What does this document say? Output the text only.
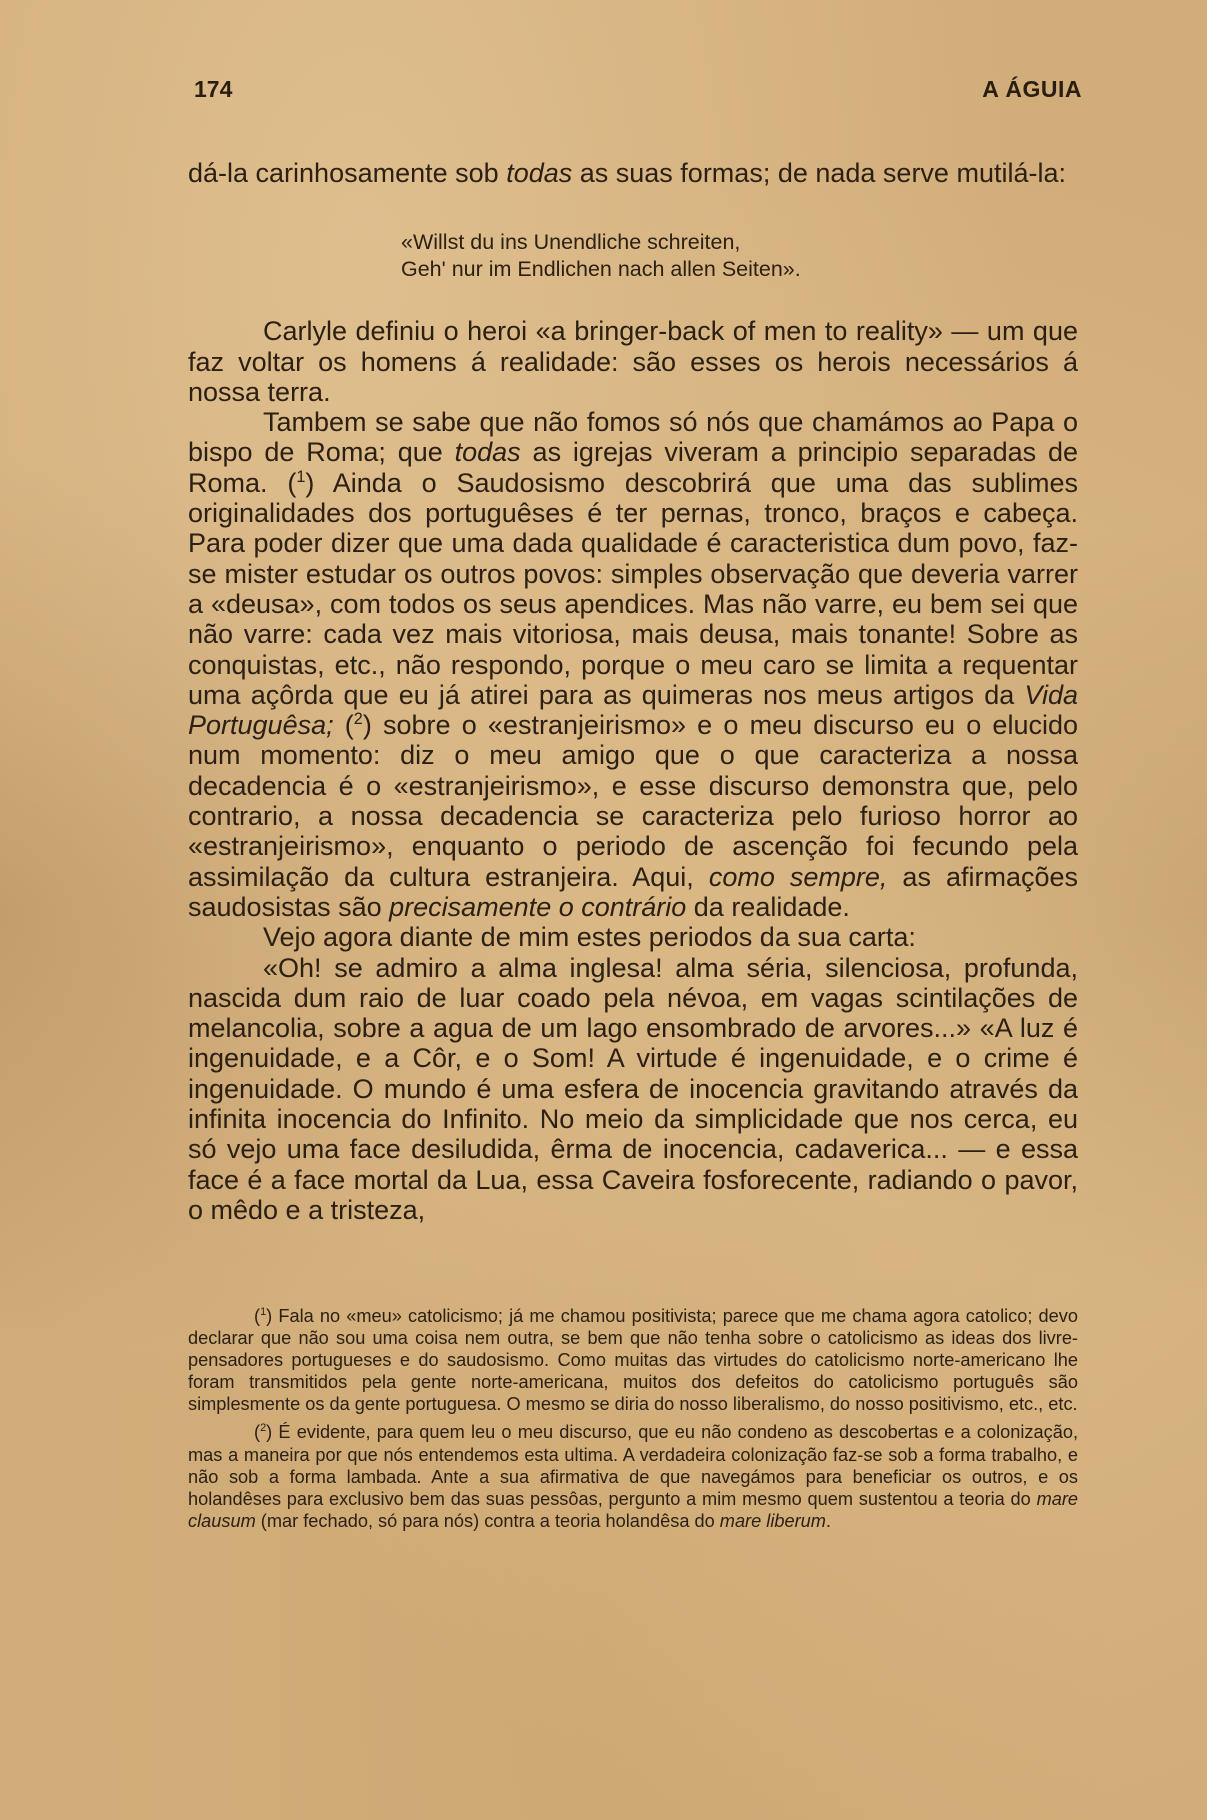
174	A ÁGUIA

dá-la carinhosamente sob todas as suas formas; de nada serve mutilá-la:

«Willst du ins Unendliche schreiten,
Geh' nur im Endlichen nach allen Seiten».

Carlyle definiu o heroi «a bringer-back of men to reality» — um que faz voltar os homens á realidade: são esses os herois necessários á nossa terra.

Tambem se sabe que não fomos só nós que chamámos ao Papa o bispo de Roma; que todas as igrejas viveram a principio separadas de Roma. ($^1$) Ainda o Saudosismo descobrirá que uma das sublimes originalidades dos portuguêses é ter pernas, tronco, braços e cabeça. Para poder dizer que uma dada qualidade é caracteristica dum povo, faz-se mister estudar os outros povos: simples observação que deveria varrer a «deusa», com todos os seus apendices. Mas não varre, eu bem sei que não varre: cada vez mais vitoriosa, mais deusa, mais tonante! Sobre as conquistas, etc., não respondo, porque o meu caro se limita a requentar uma açôrda que eu já atirei para as quimeras nos meus artigos da Vida Portuguêsa; ($^2$) sobre o «estranjeirismo» e o meu discurso eu o elucido num momento: diz o meu amigo que o que caracteriza a nossa decadencia é o «estranjeirismo», e esse discurso demonstra que, pelo contrario, a nossa decadencia se caracteriza pelo furioso horror ao «estranjeirismo», enquanto o periodo de ascenção foi fecundo pela assimilação da cultura estranjeira. Aqui, como sempre, as afirmações saudosistas são precisamente o contrário da realidade.

Vejo agora diante de mim estes periodos da sua carta:

«Oh! se admiro a alma inglesa! alma séria, silenciosa, profunda, nascida dum raio de luar coado pela névoa, em vagas scintilações de melancolia, sobre a agua de um lago ensombrado de arvores...» «A luz é ingenuidade, e a Côr, e o Som! A virtude é ingenuidade, e o crime é ingenuidade. O mundo é uma esfera de inocencia gravitando através da infinita inocencia do Infinito. No meio da simplicidade que nos cerca, eu só vejo uma face desiludida, êrma de inocencia, cadaverica... — e essa face é a face mortal da Lua, essa Caveira fosforecente, radiando o pavor, o mêdo e a tristeza,

($^1$) Fala no «meu» catolicismo; já me chamou positivista; parece que me chama agora catolico; devo declarar que não sou uma coisa nem outra, se bem que não tenha sobre o catolicismo as ideas dos livre-pensadores portugueses e do saudosismo. Como muitas das virtudes do catolicismo norte-americano lhe foram transmitidos pela gente norte-americana, muitos dos defeitos do catolicismo português são simplesmente os da gente portuguesa. O mesmo se diria do nosso liberalismo, do nosso positivismo, etc., etc.

($^2$) É evidente, para quem leu o meu discurso, que eu não condeno as descobertas e a colonização, mas a maneira por que nós entendemos esta ultima. A verdadeira colonização faz-se sob a forma trabalho, e não sob a forma lambada. Ante a sua afirmativa de que navegámos para beneficiar os outros, e os holandêses para exclusivo bem das suas pessôas, pergunto a mim mesmo quem sustentou a teoria do mare clausum (mar fechado, só para nós) contra a teoria holandêsa do mare liberum.
